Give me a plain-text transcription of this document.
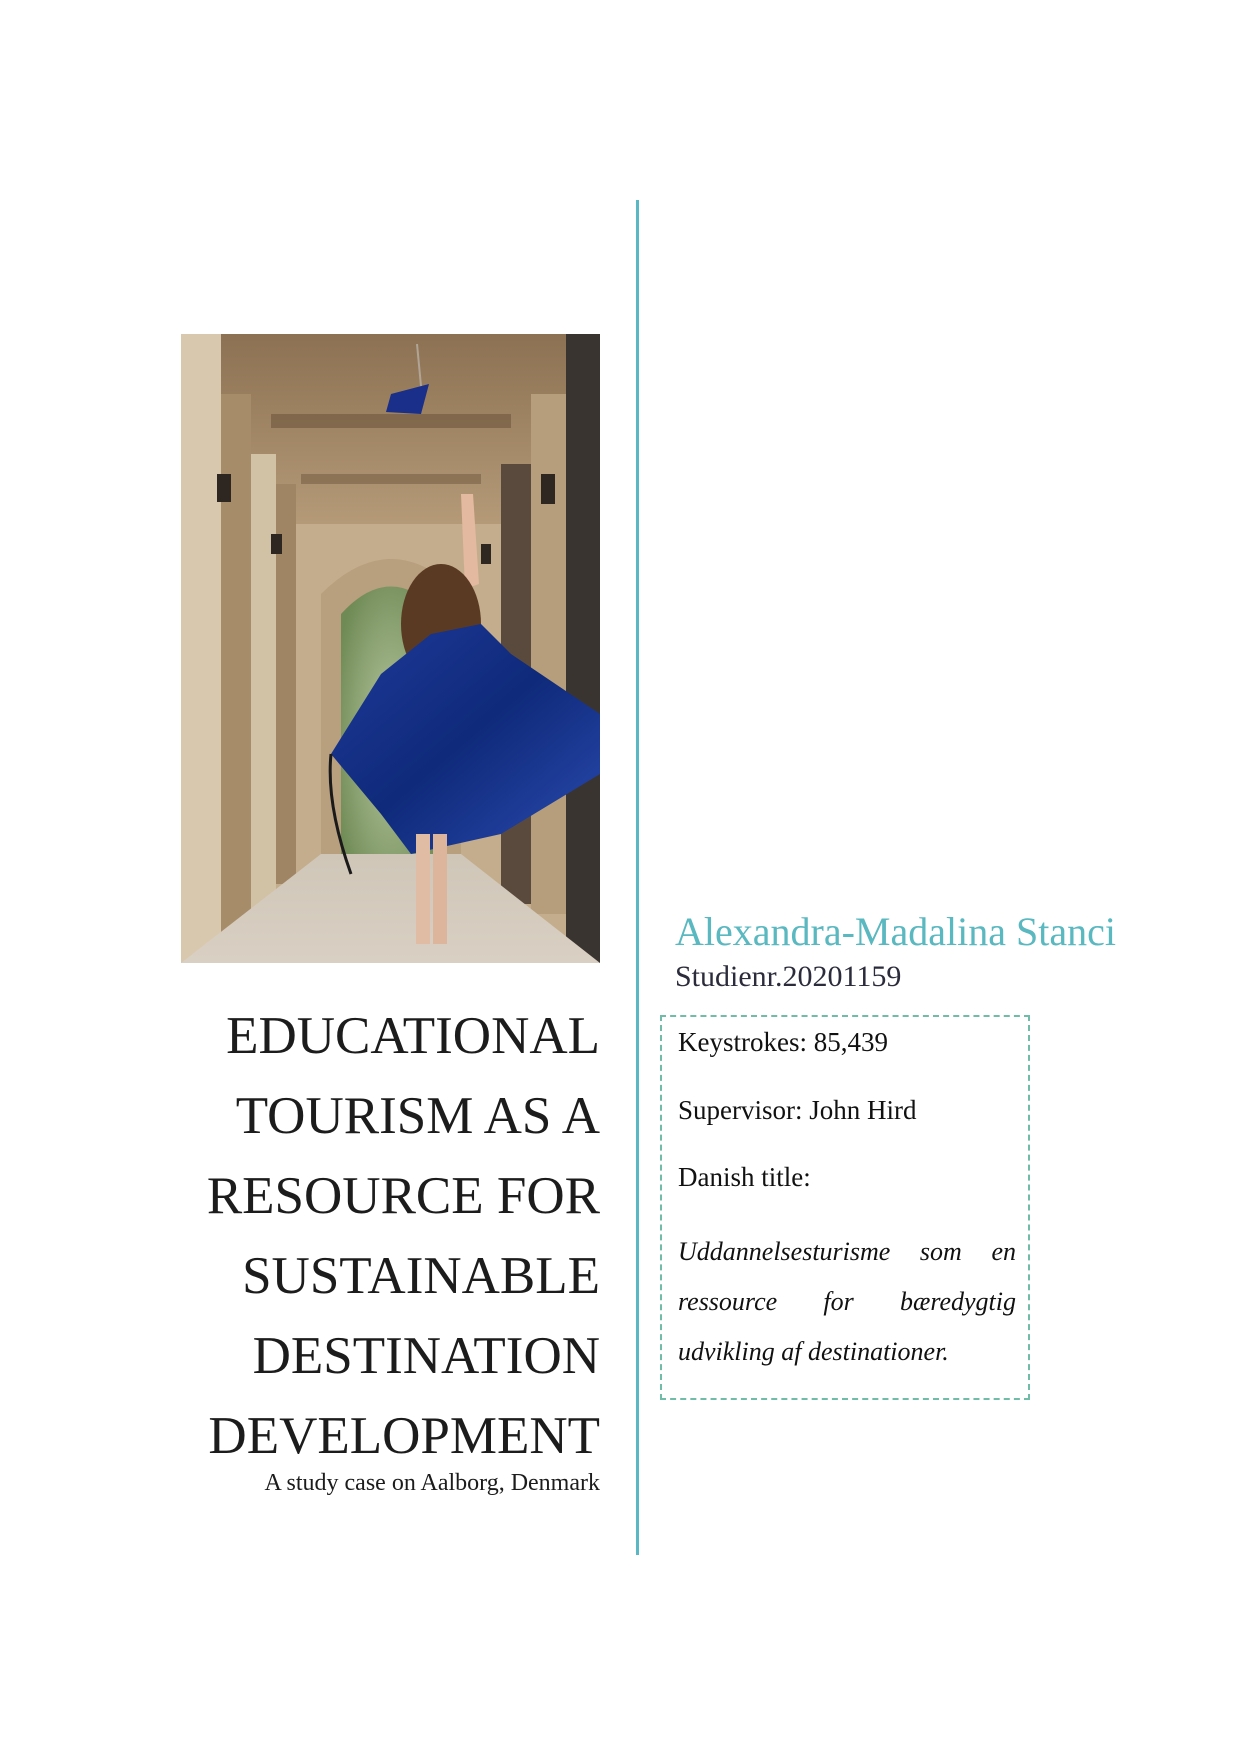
EDUCATIONAL
TOURISM AS A
RESOURCE FOR
SUSTAINABLE
DESTINATION
DEVELOPMENT
A study case on Aalborg, Denmark
Alexandra-Madalina Stanci
Studienr.20201159
Keystrokes: 85,439
Supervisor: John Hird
Danish title:
Uddannelsesturisme som en ressource for bæredygtig udvikling af destinationer.
